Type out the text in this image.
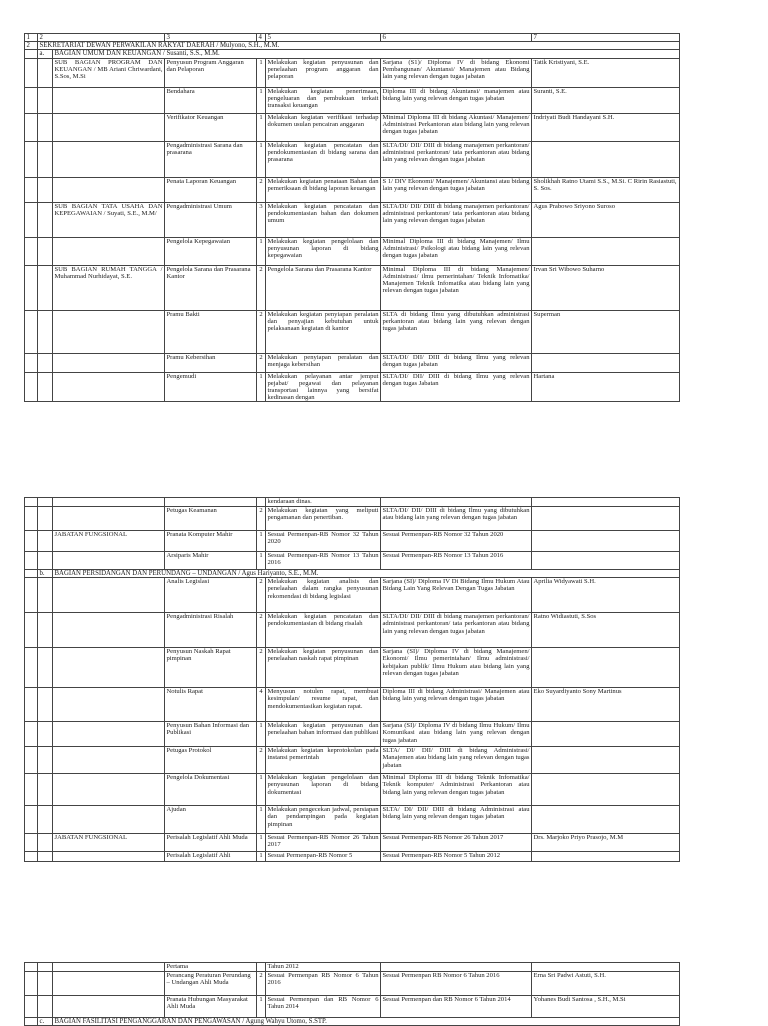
1	2		3	4	5	6	7
2	SEKRETARIAT DEWAN PERWAKILAN RAKYAT DAERAH / Mulyono, S.H., M.M.						
	a.	BAGIAN UMUM DAN KEUANGAN / Susanti, S.S., M.M.					
		SUB BAGIAN PROGRAM DAN KEUANGAN / MB Ariani Chriwardani, S.Sos, M.Si	Penyusun Program Anggaran dan Pelaporan	1	Melakukan kegiatan penyusunan dan penelaahan program anggaran dan pelaporan	Sarjana (S1)/ Diploma IV di bidang Ekonomi Pembangunan/ Akuntansi/ Manajemen atau Bidang lain yang relevan dengan tugas jabatan	Tatik Kristiyani, S.E.
			Bendahara	1	Melakukan kegiatan penerimaan, pengeluaran dan pembukuan terkait transaksi keuangan	Diploma III di bidang Akuntansi/ manajemen atau bidang lain yang relevan dengan tugas jabatan	Suranti, S.E.
			Verifikator Keuangan	1	Melakukan kegiatan verifikasi terhadap dokumen usulan pencairan anggaran	Minimal Diploma III di bidang Akuntasi/ Manajemen/ Administrasi Perkantoran atau bidang lain yang relevan dengan tugas jabatan	Indriyati Budi Handayani S.H.
			Pengadministrasi Sarana dan prasarana	1	Melakukan kegiatan pencatatan dan pendokumentasian di bidang sarana dan prasarana	SLTA/DI/ DII/ DIII di bidang manajemen perkantoran/ administrasi perkantoran/ tata perkantoran atau bidang lain yang relevan dengan tugas jabatan	
			Penata Laporan Keuangan	2	Melakukan kegiatan penataan Bahan dan pemeriksaan di bidang laporan keuangan	S 1/ DIV Ekonomi/ Manajemen/ Akuntansi atau bidang lain yang relevan dengan tugas jabatan	Sholikhah Ratno Utami S.S., M.Si. C Ririn Rasiastuti, S. Sos.
		SUB BAGIAN TATA USAHA DAN KEPEGAWAIAN / Suyati, S.E., M.M/	Pengadministrasi Umum	3	Melakukan kegiatan pencatatan dan pendokumentasian bahan dan dokumen umum	SLTA/DI/ DII/ DIII di bidang manajemen perkantoran/ administrasi perkantoran/ tata perkantoran atau bidang lain yang relevan dengan tugas jabatan	Agus Prabowo Sriyono Suroso
			Pengelola Kepegawaian	1	Melakukan kegiatan pengelolaan dan penyusunan laporan di bidang kepegawaian	Minimal Diploma III di bidang Manajemen/ Ilmu Administrasi/ Psikologi atau bidang lain yang relevan dengan tugas jabatan	
		SUB BAGIAN RUMAH TANGGA / Muhammad Nurhidayat, S.E.	Pengelola Sarana dan Prasarana Kantor	2	Pengelola Sarana dan Prasarana Kantor	Minimal Diploma III di bidang Manajemen/ Administrasi/ ilmu pemerintahan/ Teknik Infomatika/ Manajemen Teknik Infomatika atau bidang lain yang relevan dengan tugas jabatan	Irvan Sri Wibowo Suharno
			Pramu Bakti	2	Melakukan kegiatan penyiapan peralatan dan penyajian kebutuhan untuk pelaksanaan kegiatan di kantor	SLTA di bidang Ilmu yang dibutuhkan administrasi perkantoran atau bidang lain yang relevan dengan tugas jabatan	Superman
			Pramu Kebersihan	2	Melakukan penyiapan peralatan dan menjaga kebersihan	SLTA/DI/ DII/ DIII di bidang Ilmu yang relevan dengan tugas jabatan	
			Pengemudi	1	Melakukan pelayanan antar jemput pejabat/ pegawai dan pelayanan transportasi lainnya yang bersifat kedinasan dengan	SLTA/DI/ DII/ DIII di bidang Ilmu yang relevan dengan tugas Jabatan	Hartana
					kendaraan dinas.		
			Petugas Keamanan	2	Melakukan kegiatan yang meliputi pengamanan dan penertiban.	SLTA/DI/ DII/ DIII di bidang Ilmu yang dibutuhkan atau bidang lain yang relevan dengan tugas jabatan	
		JABATAN FUNGSIONAL	Pranata Komputer Mahir	1	Sesuai Permenpan-RB Nomor 32 Tahun 2020	Sesuai Permenpan-RB Nomor 32 Tahun 2020	
			Arsiparis Mahir	1	Sesuai Permenpan-RB Nomor 13 Tahun 2016	Sesuai Permenpan-RB Nomor 13 Tahun 2016	
	b.	BAGIAN PERSIDANGAN DAN PERUNDANG – UNDANGAN / Agus Hariyanto, S.E., M.M.					
			Analis Legislasi	2	Melakukan kegiatan analisis dan penelaahan dalam rangka penyusunan rekomendasi di bidang legislasi	Sarjana (SI)/ Diploma IV Di Bidang Ilmu Hukum Atau Bidang Lain Yang Relevan Dengan Tugas Jabatan	Aprilia Widyawati S.H.
			Pengadministrasi Risalah	2	Melakukan kegiatan pencatatan dan pendokumentasian di bidang risalah	SLTA/DI/ DII/ DIII di bidang manajemen perkantoran/ administrasi perkantoran/ tata perkantoran atau bidang lain yang relevan dengan tugas jabatan	Ratno Widiastuti, S.Sos
			Penyusun Naskah Rapat pimpinan	2	Melakukan kegiatan penyusunan dan penelaahan naskah rapat pimpinan	Sarjana (SI)/ Diploma IV di bidang Manajemen/ Ekonomi/ Ilmu pemerintahan/ Ilmu administrasi/ kebijakan publik/ Ilmu Hukum atau bidang lain yang relevan dengan tugas jabatan	
			Notulis Rapat	4	Menyusun notulen rapat, membuat kesimpulan/ resume rapat, dan mendokumentasikan kegiatan rapat.	Diploma III di bidang Administrasi/ Manajemen atau bidang lain yang relevan dengan tugas jabatan	Eko Suyardiyanto Sony Martinus
			Penyusun Bahan Informasi dan Publikasi	1	Melakukan kegiatan penyusunan dan penelaahan bahan informasi dan publikasi	Sarjana (SI)/ Diploma IV di bidang Ilmu Hukum/ Ilmu Komunikasi atau bidang lain yang relevan dengan tugas jabatan	
			Petugas Protokol	2	Melakukan kegiatan keprotokolan pada instansi pemerintah	SLTA/ DI/ DII/ DIII di bidang Administrasi/ Manajemen atau bidang lain yang relevan dengan tugas jabatan	
			Pengelola Dokumentasi	1	Melakukan kegiatan pengelolaan dan penyusunan laporan di bidang dokumentasi	Minimal Diploma III di bidang Teknik Infomatika/ Teknik komputer/ Administrasi Perkantoran atau bidang lain yang relevan dengan tugas jabatan	
			Ajudan	1	Melakukan pengecekan jadwal, persiapan dan pendampingan pada kegiatan pimpinan	SLTA/ DI/ DII/ DIII di bidang Administrasi atau bidang lain yang relevan dengan tugas jabatan	
		JABATAN FUNGSIONAL	Perisalah Legislatif Ahli Muda	1	Sesuai Permenpan-RB Nomor 26 Tahun 2017	Sesuai Permenpan-RB Nomor 26 Tahun 2017	Drs. Marjoko Priyo Prasojo, M.M
			Perisalah Legislatif Ahli	1	Sesuai Permenpan-RB Nomor 5	Sesuai Permenpan-RB Nomor 5 Tahun 2012	
			Pertama		Tahun 2012		
			Perancang Peraturan Perundang – Undangan Ahli Muda	2	Sesuai Permenpan RB Nomor 6 Tahun 2016	Sesuai Permenpan RB Nomor 6 Tahun 2016	Erna Sri Padwi Astuti, S.H.
			Pranata Hubungan Masyarakat Ahli Muda	1	Sesuai Permenpan dan RB Nomor 6 Tahun 2014	Sesuai Permenpan dan RB Nomor 6 Tahun 2014	Yohanes Budi Santosa , S.H., M.Si
	c.	BAGIAN FASILITASI PENGANGGARAN DAN PENGAWASAN / Agung Wahyu Utomo, S.STP.					
